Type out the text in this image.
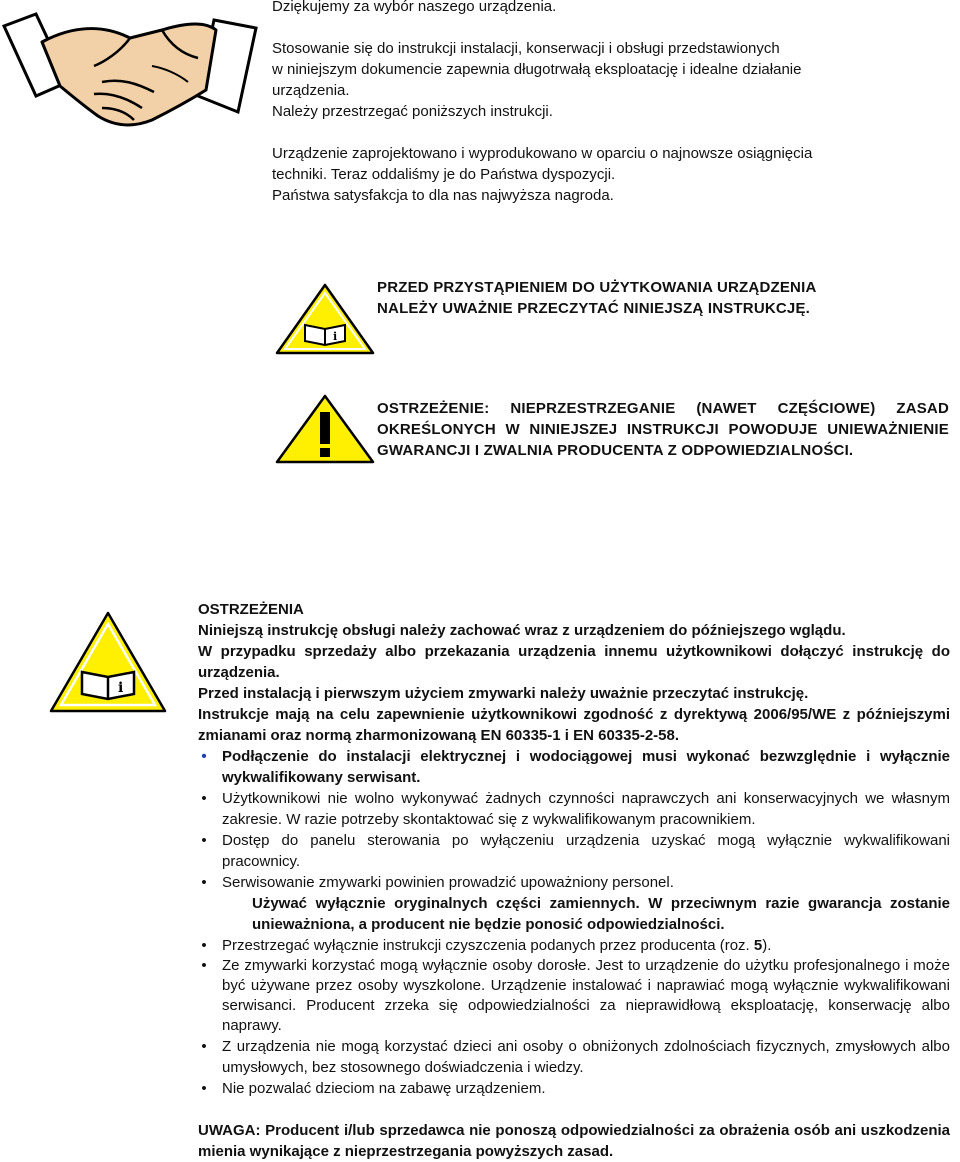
Dziękujemy za wybór naszego urządzenia.

Stosowanie się do instrukcji instalacji, konserwacji i obsługi przedstawionych
w niniejszym dokumencie zapewnia długotrwałą eksploatację i idealne działanie
urządzenia.
Należy przestrzegać poniższych instrukcji.

Urządzenie zaprojektowano i wyprodukowano w oparciu o najnowsze osiągnięcia
techniki. Teraz oddaliśmy je do Państwa dyspozycji.
Państwa satysfakcja to dla nas najwyższa nagroda.

i
PRZED PRZYSTĄPIENIEM DO UŻYTKOWANIA URZĄDZENIA
NALEŻY UWAŻNIE PRZECZYTAĆ NINIEJSZĄ INSTRUKCJĘ.
OSTRZEŻENIE: NIEPRZESTRZEGANIE (NAWET CZĘŚCIOWE) ZASAD OKREŚLONYCH W NINIEJSZEJ INSTRUKCJI POWODUJE UNIEWAŻNIENIE GWARANCJI I ZWALNIA PRODUCENTA Z ODPOWIEDZIALNOŚCI.
i

OSTRZEŻENIA

Niniejszą instrukcję obsługi należy zachować wraz z urządzeniem do późniejszego wglądu.

W przypadku sprzedaży albo przekazania urządzenia innemu użytkownikowi dołączyć instrukcję do urządzenia.

Przed instalacją i pierwszym użyciem zmywarki należy uważnie przeczytać instrukcję.

Instrukcje mają na celu zapewnienie użytkownikowi zgodność z dyrektywą 2006/95/WE z późniejszymi zmianami oraz normą zharmonizowaną EN 60335-1 i EN 60335-2-58.

• Podłączenie do instalacji elektrycznej i wodociągowej musi wykonać bezwzględnie i wyłącznie wykwalifikowany serwisant.
• Użytkownikowi nie wolno wykonywać żadnych czynności naprawczych ani konserwacyjnych we własnym zakresie. W razie potrzeby skontaktować się z wykwalifikowanym pracownikiem.
• Dostęp do panelu sterowania po wyłączeniu urządzenia uzyskać mogą wyłącznie wykwalifikowani pracownicy.
• Serwisowanie zmywarki powinien prowadzić upoważniony personel.

Używać wyłącznie oryginalnych części zamiennych. W przeciwnym razie gwarancja zostanie unieważniona, a producent nie będzie ponosić odpowiedzialności.

• Przestrzegać wyłącznie instrukcji czyszczenia podanych przez producenta (roz. 5).
• Ze zmywarki korzystać mogą wyłącznie osoby dorosłe. Jest to urządzenie do użytku profesjonalnego i może być używane przez osoby wyszkolone. Urządzenie instalować i naprawiać mogą wyłącznie wykwalifikowani serwisanci. Producent zrzeka się odpowiedzialności za nieprawidłową eksploatację, konserwację albo naprawy.
• Z urządzenia nie mogą korzystać dzieci ani osoby o obniżonych zdolnościach fizycznych, zmysłowych albo umysłowych, bez stosownego doświadczenia i wiedzy.
• Nie pozwalać dzieciom na zabawę urządzeniem.

UWAGA: Producent i/lub sprzedawca nie ponoszą odpowiedzialności za obrażenia osób ani uszkodzenia mienia wynikające z nieprzestrzegania powyższych zasad.
